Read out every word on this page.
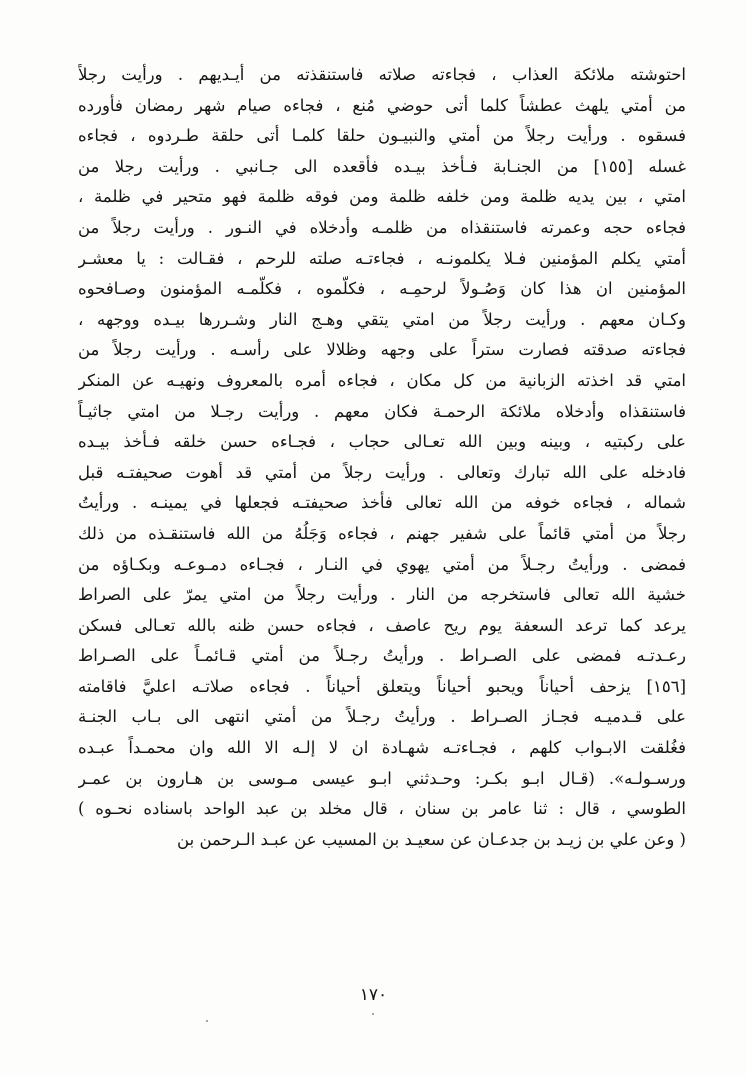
احتوشته ملائكة العذاب ، فجاءته صلاته فاستنقذته من أيـديهم . ورأيت رجلاً
من أمتي يلهث عطشاً كلما أتى حوضي مُنع ، فجاءه صيام شهر رمضان فأورده
فسقوه . ورأيت رجلاً من أمتي والنبيـون حلقا كلمـا أتى حلقة طـردوه ، فجاءه
غسله [١٥٥] من الجنـابة فـأخذ بيـده فأقعده الى جـانبي . ورأيت رجلا من
امتي ، بين يديه ظلمة ومن خلفه ظلمة ومن فوقه ظلمة فهو متحير في ظلمة ،
فجاءه حجه وعمرته فاستنقذاه من ظلمـه وأدخلاه في النـور . ورأيت رجلاً من
أمتي يكلم المؤمنين فـلا يكلمونـه ، فجاءتـه صلته للرحم ، فقـالت : يا معشـر
المؤمنين ان هذا كان وَصُـولاً لرحمِـه ، فكلّموه ، فكلّمـه المؤمنون وصـافحوه
وكـان معهم . ورأيت رجلاً من امتي يتقي وهـج النار وشـررها بيـده ووجهه ،
فجاءته صدقته فصارت ستراً على وجهه وظلالا على رأسـه . ورأيت رجلاً من
امتي قد اخذته الزبانية من كل مكان ، فجاءه أمره بالمعروف ونهيـه عن المنكر
فاستنقذاه وأدخلاه ملائكة الرحمـة فكان معهم . ورأيت رجـلا من امتي جاثيـاً
على ركبتيه ، وبينه وبين الله تعـالى حجاب ، فجـاءه حسن خلقه فـأخذ بيـده
فادخله على الله تبارك وتعالى . ورأيت رجلاً من أمتي قد أهوت صحيفتـه قبل
شماله ، فجاءه خوفه من الله تعالى فأخذ صحيفتـه فجعلها في يمينـه . ورأيتُ
رجلاً من أمتي قائماً على شفير جهنم ، فجاءه وَجَلُهُ من الله فاستنقـذه من ذلك
فمضى . ورأيتُ رجـلاً من أمتي يهوي في النـار ، فجـاءه دمـوعـه وبكـاؤه من
خشية الله تعالى فاستخرجه من النار . ورأيت رجلاً من امتي يمرّ على الصراط
يرعد كما ترعد السعفة يوم ريح عاصف ، فجاءه حسن ظنه بالله تعـالى فسكن
رعـدتـه فمضى على الصـراط . ورأيتُ رجـلاً من أمتي قـائمـاً على الصـراط
[١٥٦] يزحف أحياناً ويحبو أحياناً ويتعلق أحياناً . فجاءه صلاتـه اعليَّ فاقامته
على قـدميـه فجـاز الصـراط . ورأيتُ رجـلاً من أمتي انتهى الى بـاب الجنـة
فغُلقت الابـواب كلهم ، فجـاءتـه شهـادة ان لا إلـه الا الله وان محمـداً عبـده
ورسـولـه». (قـال ابـو بكـر: وحـدثني ابـو عيسى مـوسى بن هـارون بن عمـر
الطوسي ، قال : ثنا عامر بن سنان ، قال مخلد بن عبد الواحد باسناده نحـوه )
( وعن علي بن زيـد بن جدعـان عن سعيـد بن المسيب عن عبـد الـرحمن بن
١٧٠
